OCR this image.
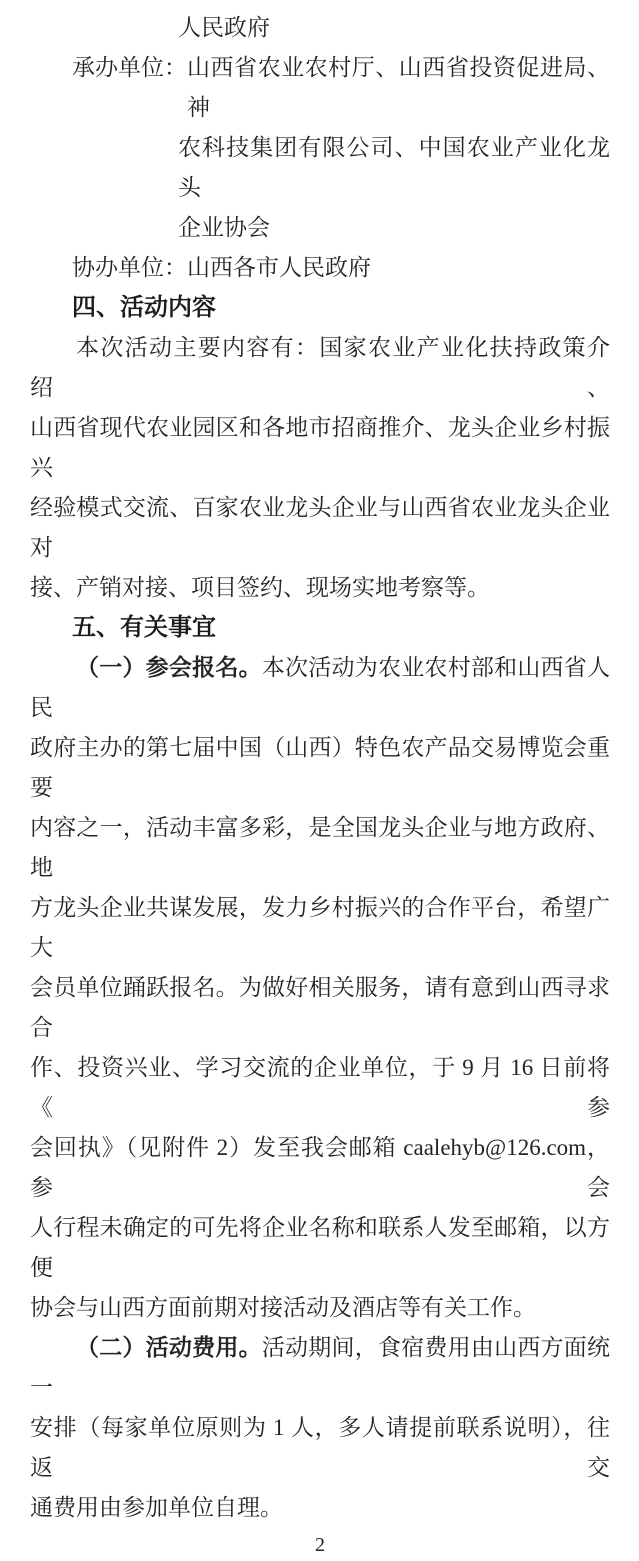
人民政府
承办单位： 山西省农业农村厅、山西省投资促进局、神
农科技集团有限公司、中国农业产业化龙头
企业协会
协办单位： 山西各市人民政府
四、活动内容
本次活动主要内容有：国家农业产业化扶持政策介绍、
山西省现代农业园区和各地市招商推介、龙头企业乡村振兴
经验模式交流、百家农业龙头企业与山西省农业龙头企业对
接、产销对接、项目签约、现场实地考察等。
五、有关事宜
（一）参会报名。本次活动为农业农村部和山西省人民
政府主办的第七届中国（山西）特色农产品交易博览会重要
内容之一，活动丰富多彩，是全国龙头企业与地方政府、地
方龙头企业共谋发展，发力乡村振兴的合作平台，希望广大
会员单位踊跃报名。为做好相关服务，请有意到山西寻求合
作、投资兴业、学习交流的企业单位，于 9 月 16 日前将《参
会回执》（见附件 2）发至我会邮箱 caalehyb@126.com，参会
人行程未确定的可先将企业名称和联系人发至邮箱，以方便
协会与山西方面前期对接活动及酒店等有关工作。
（二）活动费用。活动期间，食宿费用由山西方面统一
安排（每家单位原则为 1 人，多人请提前联系说明），往返交
通费用由参加单位自理。
2
